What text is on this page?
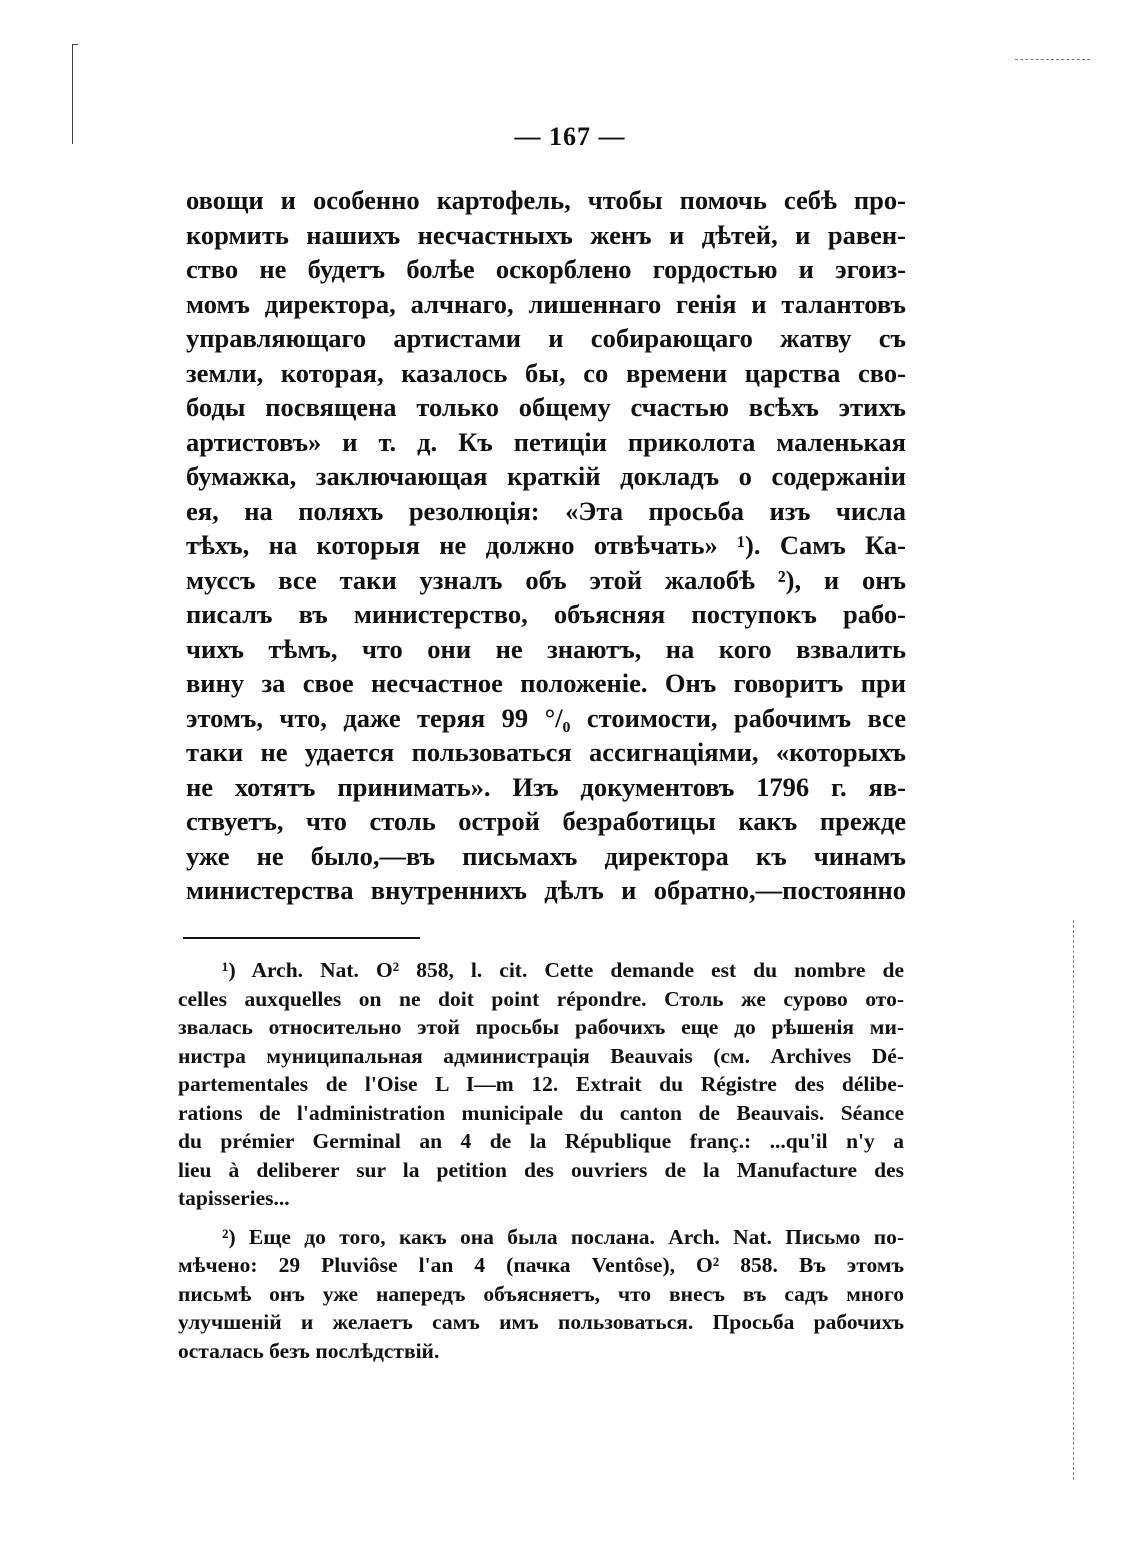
— 167 —
овощи и особенно картофель, чтобы помочь себѣ про-
кормить нашихъ несчастныхъ женъ и дѣтей, и равен-
ство не будетъ болѣе оскорблено гордостью и эгоиз-
момъ директора, алчнаго, лишеннаго генія и талантовъ
управляющаго артистами и собирающаго жатву съ
земли, которая, казалось бы, со времени царства сво-
боды посвящена только общему счастью всѣхъ этихъ
артистовъ» и т. д. Къ петиціи приколота маленькая
бумажка, заключающая краткій докладъ о содержаніи
ея, на поляхъ резолюція: «Эта просьба изъ числа
тѣхъ, на которыя не должно отвѣчать» ¹). Самъ Ка-
муссъ все таки узналъ объ этой жалобѣ ²), и онъ
писалъ въ министерство, объясняя поступокъ рабо-
чихъ тѣмъ, что они не знаютъ, на кого взвалить
вину за свое несчастное положеніе. Онъ говоритъ при
этомъ, что, даже теряя 99 °/₀ стоимости, рабочимъ все
таки не удается пользоваться ассигнаціями, «которыхъ
не хотятъ принимать». Изъ документовъ 1796 г. яв-
ствуетъ, что столь острой безработицы какъ прежде
уже не было,—въ письмахъ директора къ чинамъ
министерства внутреннихъ дѣлъ и обратно,—постоянно
¹) Arch. Nat. O² 858, l. cit. Cette demande est du nombre de
celles auxquelles on ne doit point répondre. Столь же сурово ото-
звалась относительно этой просьбы рабочихъ еще до рѣшенія ми-
нистра муниципальная администрація Beauvais (см. Archives Dé-
partementales de l'Oise L I—m 12. Extrait du Régistre des délibe-
rations de l'administration municipale du canton de Beauvais. Séance
du prémier Germinal an 4 de la République franç.: ...qu'il n'y a
lieu à deliberer sur la petition des ouvriers de la Manufacture des
tapisseries...
²) Еще до того, какъ она была послана. Arch. Nat. Письмо по-
мѣчено: 29 Pluviôse l'an 4 (пачка Ventôse), O² 858. Въ этомъ
письмѣ онъ уже напередъ объясняетъ, что внесъ въ садъ много
улучшеній и желаетъ самъ имъ пользоваться. Просьба рабочихъ
осталась безъ послѣдствій.
